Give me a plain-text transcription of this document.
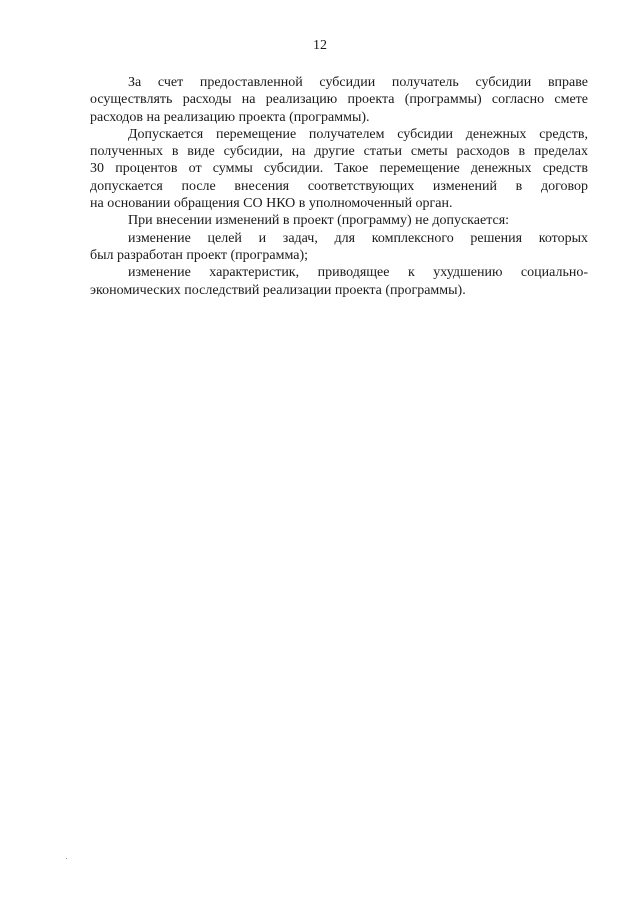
12
За счет предоставленной субсидии получатель субсидии вправе
осуществлять расходы на реализацию проекта (программы) согласно смете
расходов на реализацию проекта (программы).
Допускается перемещение получателем субсидии денежных средств,
полученных в виде субсидии, на другие статьи сметы расходов в пределах
30 процентов от суммы субсидии. Такое перемещение денежных средств
допускается после внесения соответствующих изменений в договор
на основании обращения СО НКО в уполномоченный орган.
При внесении изменений в проект (программу) не допускается:
изменение целей и задач, для комплексного решения которых
был разработан проект (программа);
изменение характеристик, приводящее к ухудшению социально-
экономических последствий реализации проекта (программы).
